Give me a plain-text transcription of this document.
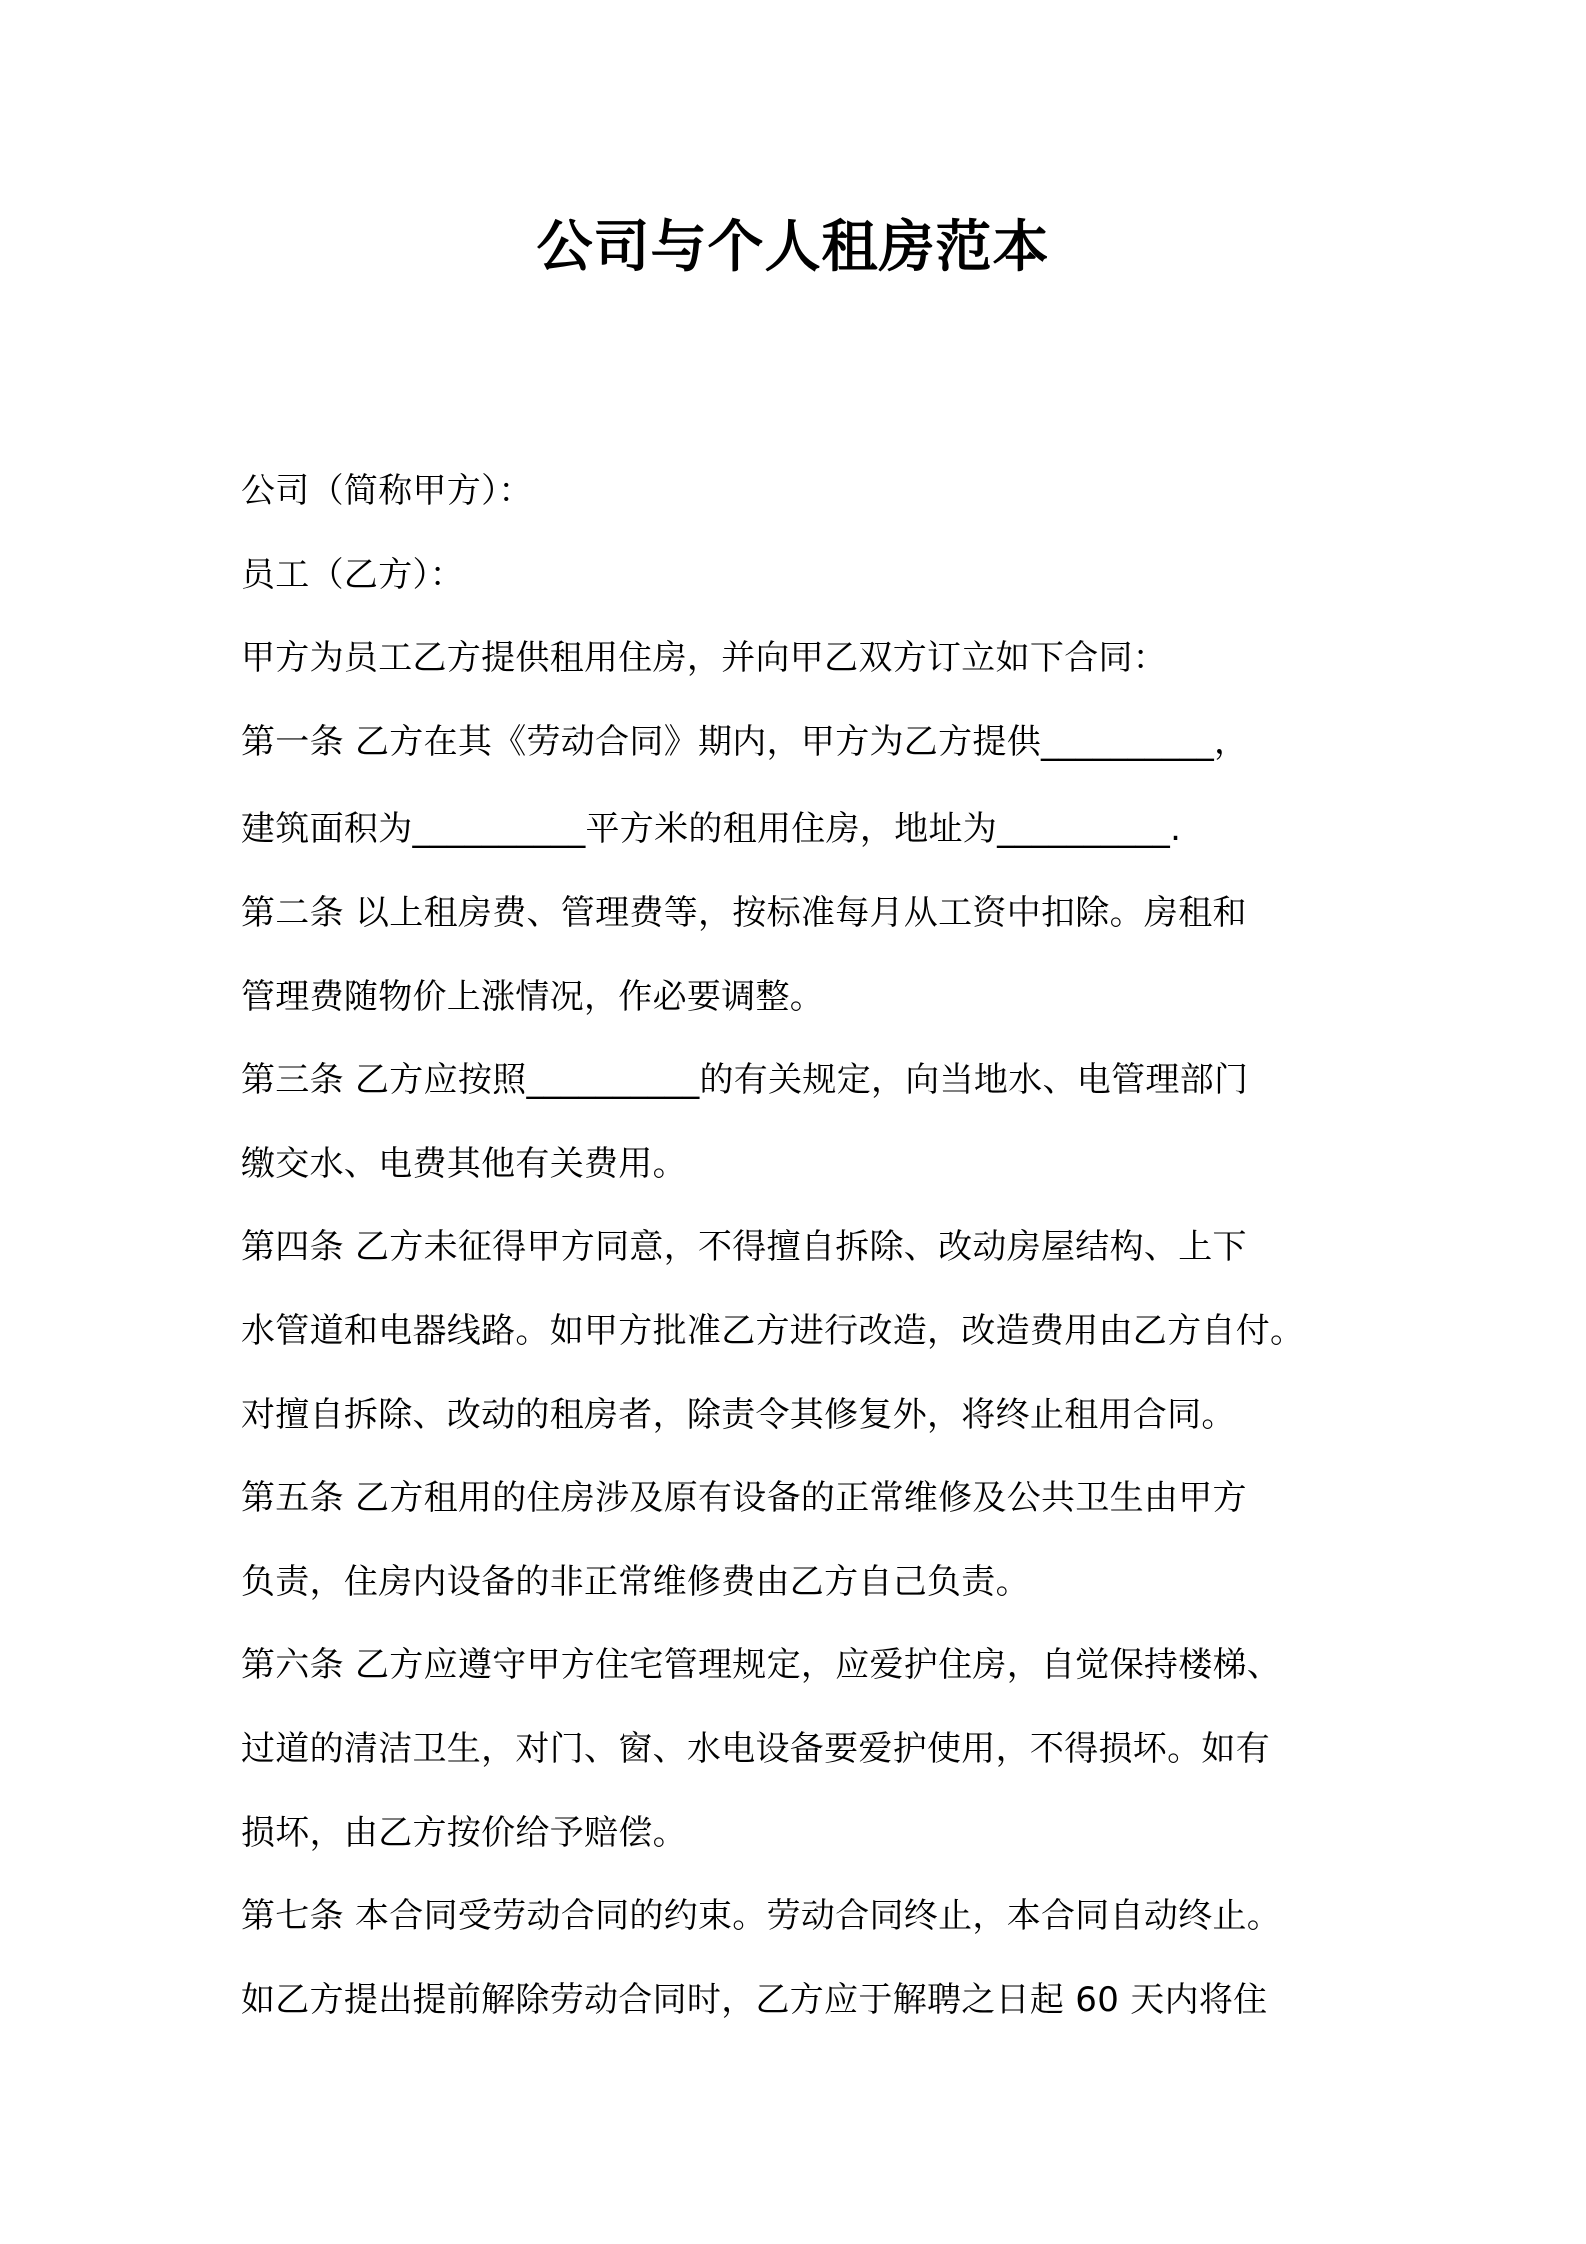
公司与个人租房范本
公司（简称甲方）：
员工（乙方）：
甲方为员工乙方提供租用住房，并向甲乙双方订立如下合同：
第一条 乙方在其《劳动合同》期内，甲方为乙方提供__________，
建筑面积为__________平方米的租用住房，地址为__________.
第二条 以上租房费、管理费等，按标准每月从工资中扣除。房租和
管理费随物价上涨情况，作必要调整。
第三条 乙方应按照__________的有关规定，向当地水、电管理部门
缴交水、电费其他有关费用。
第四条 乙方未征得甲方同意，不得擅自拆除、改动房屋结构、上下
水管道和电器线路。如甲方批准乙方进行改造，改造费用由乙方自付。
对擅自拆除、改动的租房者，除责令其修复外，将终止租用合同。
第五条 乙方租用的住房涉及原有设备的正常维修及公共卫生由甲方
负责，住房内设备的非正常维修费由乙方自己负责。
第六条 乙方应遵守甲方住宅管理规定，应爱护住房，自觉保持楼梯、
过道的清洁卫生，对门、窗、水电设备要爱护使用，不得损坏。如有
损坏，由乙方按价给予赔偿。
第七条 本合同受劳动合同的约束。劳动合同终止，本合同自动终止。
如乙方提出提前解除劳动合同时，乙方应于解聘之日起 60 天内将住
